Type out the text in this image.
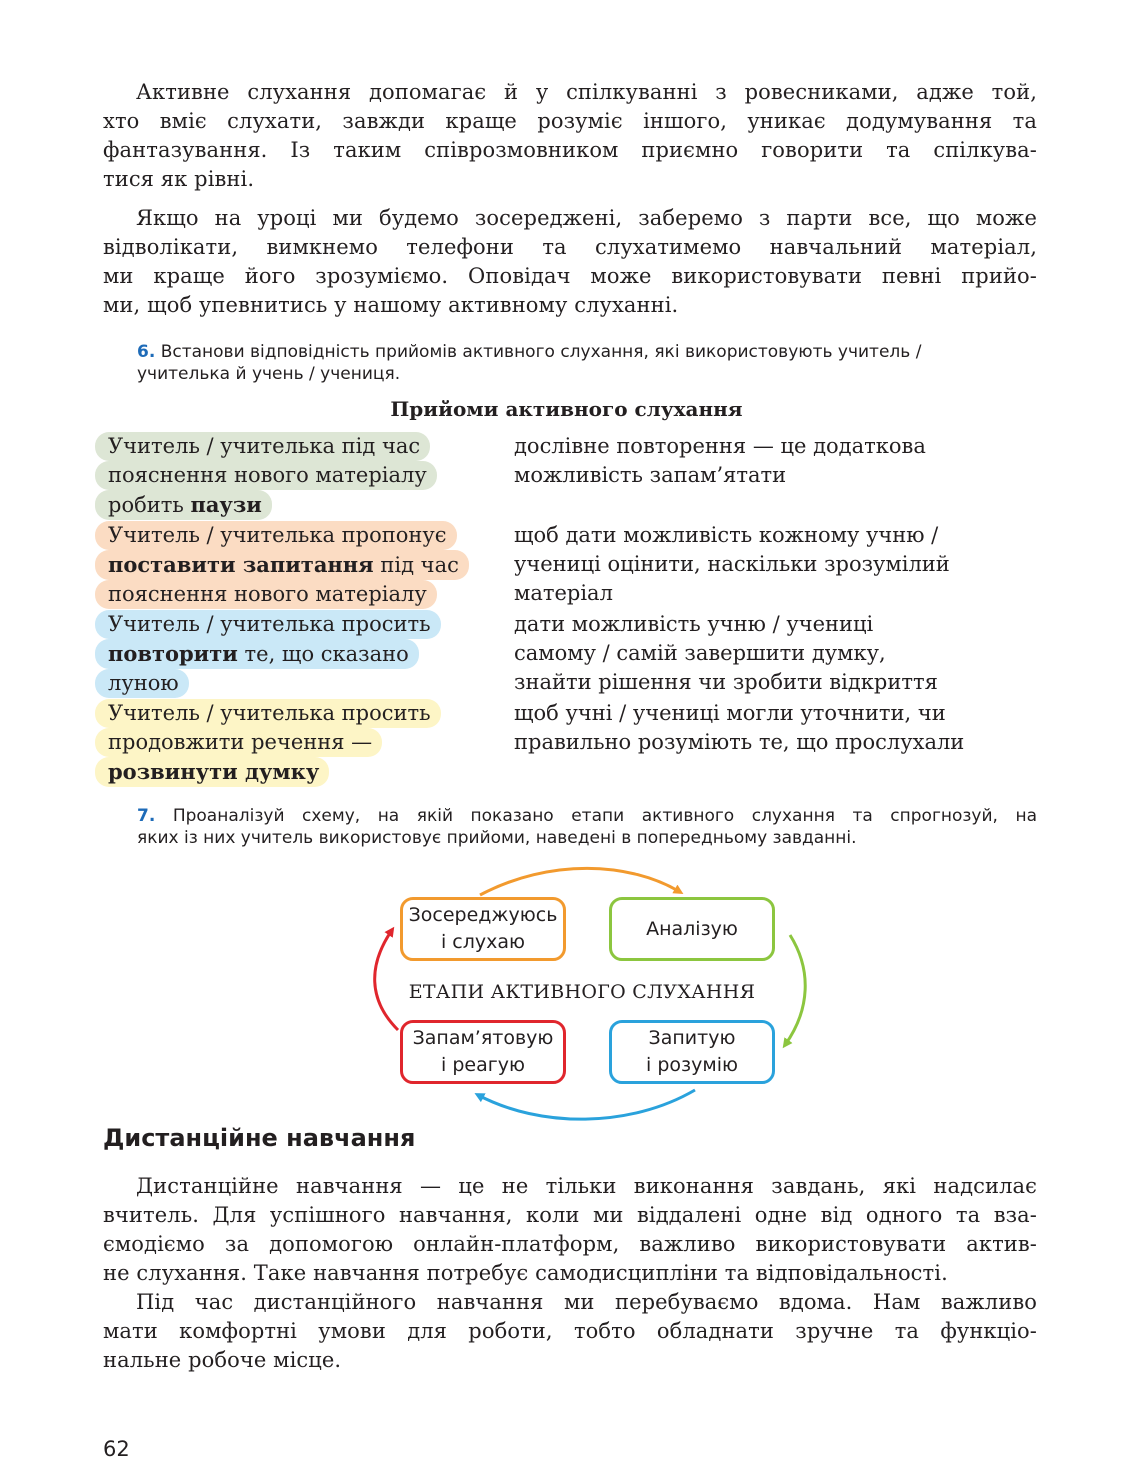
Активне слухання допомагає й у спілкуванні з ровесниками, адже той,
хто вміє слухати, завжди краще розуміє іншого, уникає додумування та
фантазування. Із таким співрозмовником приємно говорити та спілкува-
тися як рівні.

Якщо на уроці ми будемо зосереджені, заберемо з парти все, що може
відволікати, вимкнемо телефони та слухатимемо навчальний матеріал,
ми краще його зрозуміємо. Оповідач може використовувати певні прийо-
ми, щоб упевнитись у нашому активному слуханні.

6. Встанови відповідність прийомів активного слухання, які використовують учитель /
учителька й учень / учениця.
Прийоми активного слухання
Учитель / учителька під час
пояснення нового матеріалу
робить паузи
дослівне повторення — це додаткова
можливість запам’ятати
Учитель / учителька пропонує
поставити запитання під час
пояснення нового матеріалу
щоб дати можливість кожному учню /
учениці оцінити, наскільки зрозумілий
матеріал
Учитель / учителька просить
повторити те, що сказано
луною
дати можливість учню / учениці
самому / самій завершити думку,
знайти рішення чи зробити відкриття
Учитель / учителька просить
продовжити речення —
розвинути думку
щоб учні / учениці могли уточнити, чи
правильно розуміють те, що прослухали
7. Проаналізуй схему, на якій показано етапи активного слухання та спрогнозуй, на
яких із них учитель використовує прийоми, наведені в попередньому завданні.
Зосереджуюсь
і слухаю
Аналізую
Запам’ятовую
і реагую
Запитую
і розумію
ЕТАПИ АКТИВНОГО СЛУХАННЯ
Дистанційне навчання

Дистанційне навчання — це не тільки виконання завдань, які надсилає
вчитель. Для успішного навчання, коли ми віддалені одне від одного та вза-
ємодіємо за допомогою онлайн-платформ, важливо використовувати актив-
не слухання. Таке навчання потребує самодисципліни та відповідальності.

Під час дистанційного навчання ми перебуваємо вдома. Нам важливо
мати комфортні умови для роботи, тобто обладнати зручне та функціо-
нальне робоче місце.

62
